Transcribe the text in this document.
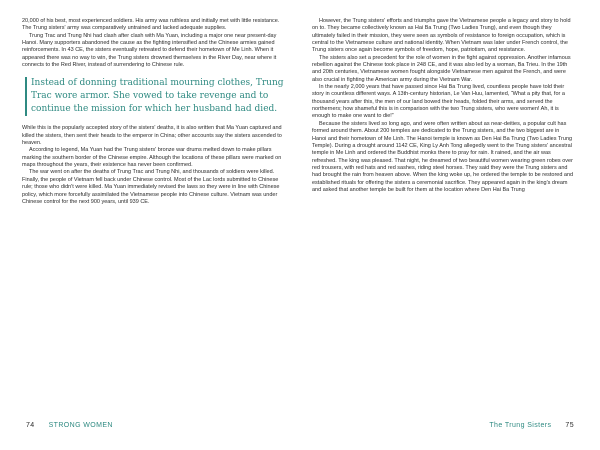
20,000 of his best, most experienced soldiers. His army was ruthless and initially met with little resistance. The Trung sisters' army was comparatively untrained and lacked adequate supplies.

Trung Trac and Trung Nhi had clash after clash with Ma Yuan, including a major one near present-day Hanoi. Many supporters abandoned the cause as the fighting intensified and the Chinese armies gained reinforcements. In 43 CE, the sisters eventually retreated to defend their hometown of Me Linh. When it appeared there was no way to win, the Trung sisters drowned themselves in the River Day, near where it connects to the Red River, instead of surrendering to Chinese rule.

Instead of donning traditional mourning clothes, Trung Trac wore armor. She vowed to take revenge and to continue the mission for which her husband had died.

While this is the popularly accepted story of the sisters' deaths, it is also written that Ma Yuan captured and killed the sisters, then sent their heads to the emperor in China; other accounts say the sisters ascended to heaven.

According to legend, Ma Yuan had the Trung sisters' bronze war drums melted down to make pillars marking the southern border of the Chinese empire. Although the locations of these pillars were marked on maps throughout the years, their existence has never been confirmed.

The war went on after the deaths of Trung Trac and Trung Nhi, and thousands of soldiers were killed. Finally, the people of Vietnam fell back under Chinese control. Most of the Lac lords submitted to Chinese rule; those who didn't were killed. Ma Yuan immediately revised the laws so they were in line with Chinese policy, which more forcefully assimilated the Vietnamese people into Chinese culture. Vietnam was under Chinese control for the next 900 years, until 939 CE.

However, the Trung sisters' efforts and triumphs gave the Vietnamese people a legacy and story to hold on to. They became collectively known as Hai Ba Trung (Two Ladies Trung), and even though they ultimately failed in their mission, they were seen as symbols of resistance to foreign occupation, which is central to the Vietnamese culture and national identity. When Vietnam was later under French control, the Trung sisters once again become symbols of freedom, hope, patriotism, and resistance.

The sisters also set a precedent for the role of women in the fight against oppression. Another infamous rebellion against the Chinese took place in 248 CE, and it was also led by a woman, Ba Trieu. In the 19th and 20th centuries, Vietnamese women fought alongside Vietnamese men against the French, and were also crucial in fighting the American army during the Vietnam War.

In the nearly 2,000 years that have passed since Hai Ba Trung lived, countless people have told their story in countless different ways. A 13th-century historian, Le Van Huu, lamented, “What a pity that, for a thousand years after this, the men of our land bowed their heads, folded their arms, and served the northerners; how shameful this is in comparison with the two Trung sisters, who were women! Ah, it is enough to make one want to die!”

Because the sisters lived so long ago, and were often written about as near-deities, a popular cult has formed around them. About 200 temples are dedicated to the Trung sisters, and the two biggest are in Hanoi and their hometown of Me Linh. The Hanoi temple is known as Den Hai Ba Trung (Two Ladies Trung Temple). During a drought around 1142 CE, King Ly Anh Tong allegedly went to the Trung sisters' ancestral temple in Me Linh and ordered the Buddhist monks there to pray for rain. It rained, and the air was refreshed. The king was pleased. That night, he dreamed of two beautiful women wearing green robes over red trousers, with red hats and red sashes, riding steel horses. They said they were the Trung sisters and had brought the rain from heaven above. When the king woke up, he ordered the temple to be restored and established rituals for offering the sisters a ceremonial sacrifice. They appeared again in the king's dream and asked that another temple be built for them at the location where Den Hai Ba Trung

74 STRONG WOMEN	The Trung Sisters 75
